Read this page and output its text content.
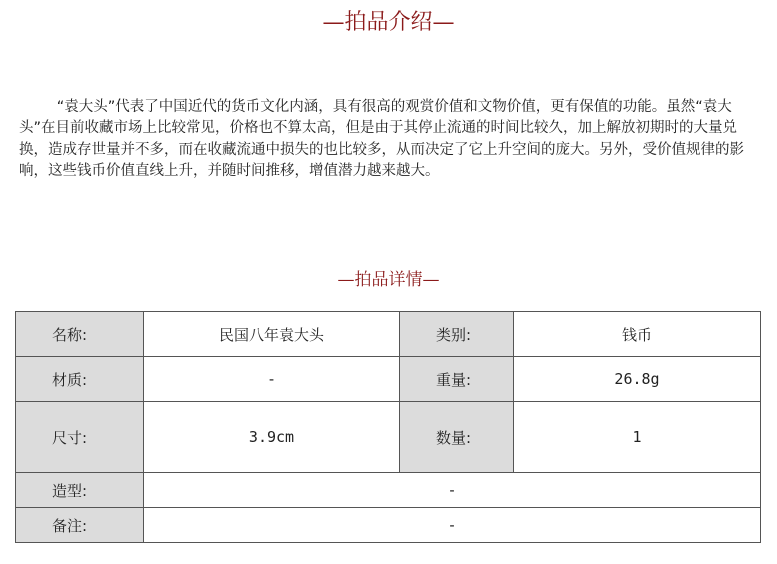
—拍品介绍—

“袁大头”代表了中国近代的货币文化内涵，具有很高的观赏价值和文物价值，更有保值的功能。虽然“袁大头”在目前收藏市场上比较常见，价格也不算太高，但是由于其停止流通的时间比较久，加上解放初期时的大量兑换，造成存世量并不多，而在收藏流通中损失的也比较多，从而决定了它上升空间的庞大。另外，受价值规律的影响，这些钱币价值直线上升，并随时间推移，增值潜力越来越大。

—拍品详情—
名称:	民国八年袁大头	类别:	钱币
材质:	-	重量:	26.8g
尺寸:	3.9cm	数量:	1
造型:	-		
备注:	-		
